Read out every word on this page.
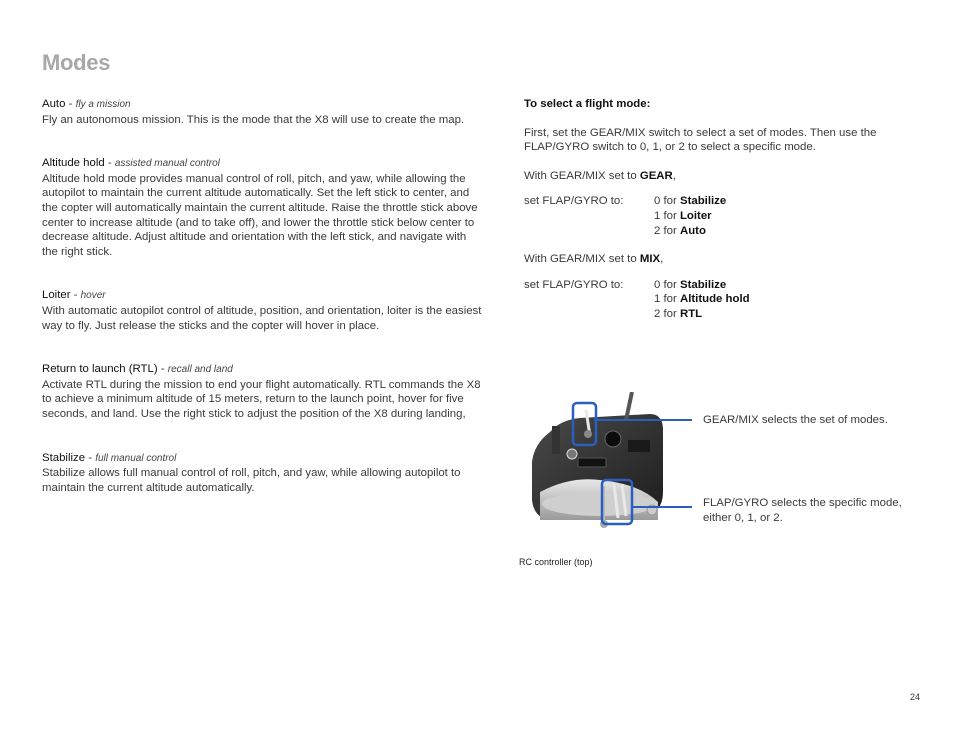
Modes
Auto - fly a mission

Fly an autonomous mission. This is the mode that the X8 will use to create the map.

Altitude hold - assisted manual control

Altitude hold mode provides manual control of roll, pitch, and yaw, while allowing the autopilot to maintain the current altitude automatically. Set the left stick to center, and the copter will automatically maintain the current altitude. Raise the throttle stick above center to increase altitude (and to take off), and lower the throttle stick below center to decrease altitude. Adjust altitude and orientation with the left stick, and navigate with the right stick.

Loiter - hover

With automatic autopilot control of altitude, position, and orientation, loiter is the easiest way to fly. Just release the sticks and the copter will hover in place.

Return to launch (RTL) - recall and land

Activate RTL during the mission to end your flight automatically. RTL commands the X8 to achieve a minimum altitude of 15 meters, return to the launch point, hover for five seconds, and land. Use the right stick to adjust the position of the X8 during landing,

Stabilize - full manual control

Stabilize allows full manual control of roll, pitch, and yaw, while allowing autopilot to maintain the current altitude automatically.

To select a flight mode:

First, set the GEAR/MIX switch to select a set of modes. Then use the FLAP/GYRO switch to 0, 1, or 2 to select a specific mode.

With GEAR/MIX set to GEAR,

set FLAP/GYRO to:	0 for Stabilize
1 for Loiter
2 for Auto

With GEAR/MIX set to MIX,

set FLAP/GYRO to:	0 for Stabilize
1 for Altitude hold
2 for RTL
GEAR/MIX selects the set of modes.
FLAP/GYRO selects the specific mode, either 0, 1, or 2.
RC controller (top)
24
